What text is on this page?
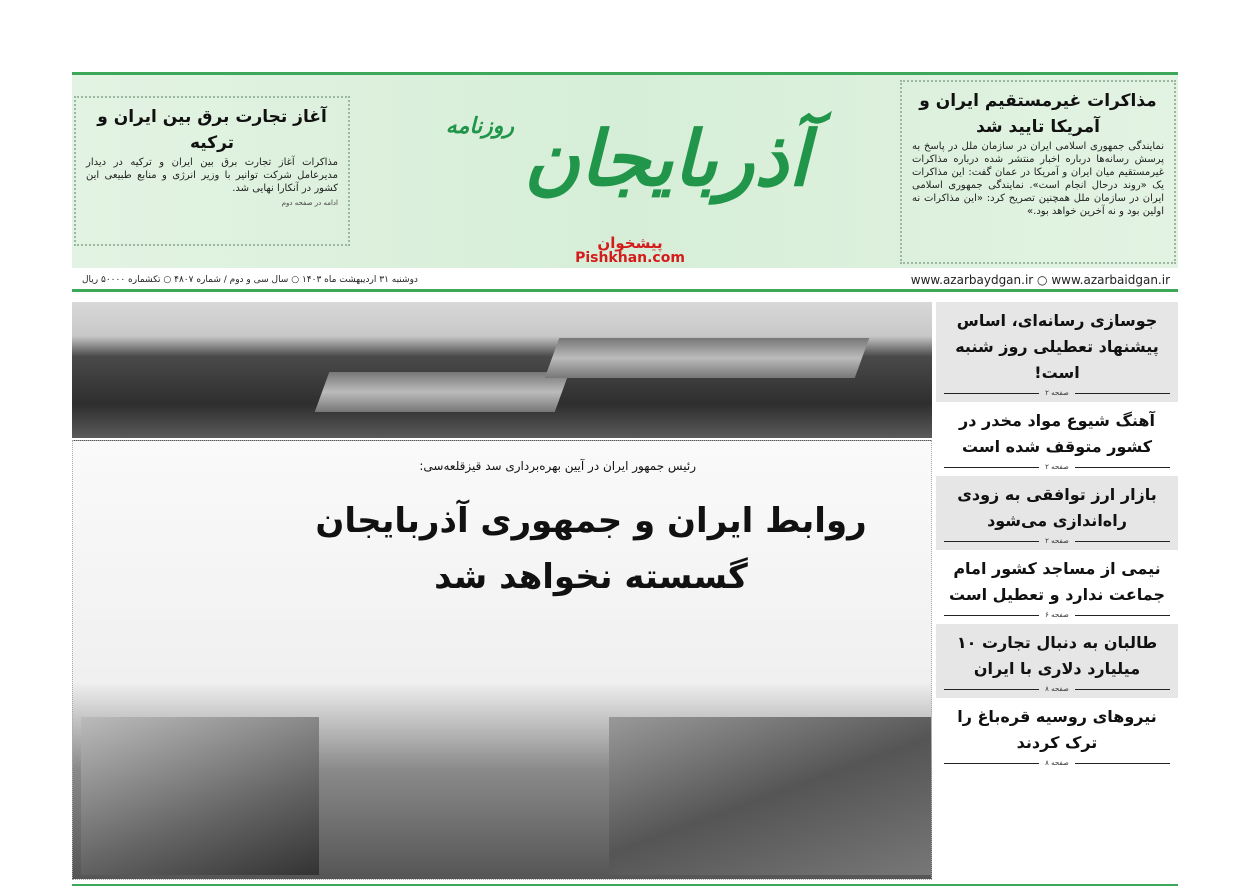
مذاکرات غیرمستقیم ایران و آمریکا تایید شد

نمایندگی جمهوری اسلامی ایران در سازمان ملل در پاسخ به پرسش رسانه‌ها درباره اخبار منتشر شده درباره مذاکرات غیرمستقیم میان ایران و آمریکا در عمان گفت: این مذاکرات یک «روند درحال انجام است». نمایندگی جمهوری اسلامی ایران در سازمان ملل همچنین تصریح کرد: «این مذاکرات نه اولین بود و نه آخرین خواهد بود.»

آغاز تجارت برق بین ایران و ترکیه

مذاکرات آغاز تجارت برق بین ایران و ترکیه در دیدار مدیرعامل شرکت توانیر با وزیر انرژی و منابع طبیعی این کشور در آنکارا نهایی شد.

ادامه در صفحه دوم آذربایجان
روزنامه
پیشخوان
Pishkhan.com
www.azarbaydgan.ir ○ www.azarbaidgan.ir
دوشنبه ۳۱ اردیبهشت ماه ۱۴۰۳ ○ سال سی و دوم / شماره ۴۸۰۷ ○ تکشماره ۵۰۰۰۰ ریال
رئیس جمهور ایران در آیین بهره‌برداری سد قیزقلعه‌سی:
روابط ایران و جمهوری آذربایجان گسسته نخواهد شد
جوسازی رسانه‌ای، اساس پیشنهاد تعطیلی روز شنبه است!
صفحه ۲
آهنگ شیوع مواد مخدر در کشور متوقف شده است
صفحه ۲
بازار ارز توافقی به زودی راه‌اندازی می‌شود
صفحه ۲
نیمی از مساجد کشور امام جماعت ندارد و تعطیل است
صفحه ۶
طالبان به دنبال تجارت ۱۰ میلیارد دلاری با ایران
صفحه ۸
نیروهای روسیه قره‌باغ را ترک کردند
صفحه ۸
